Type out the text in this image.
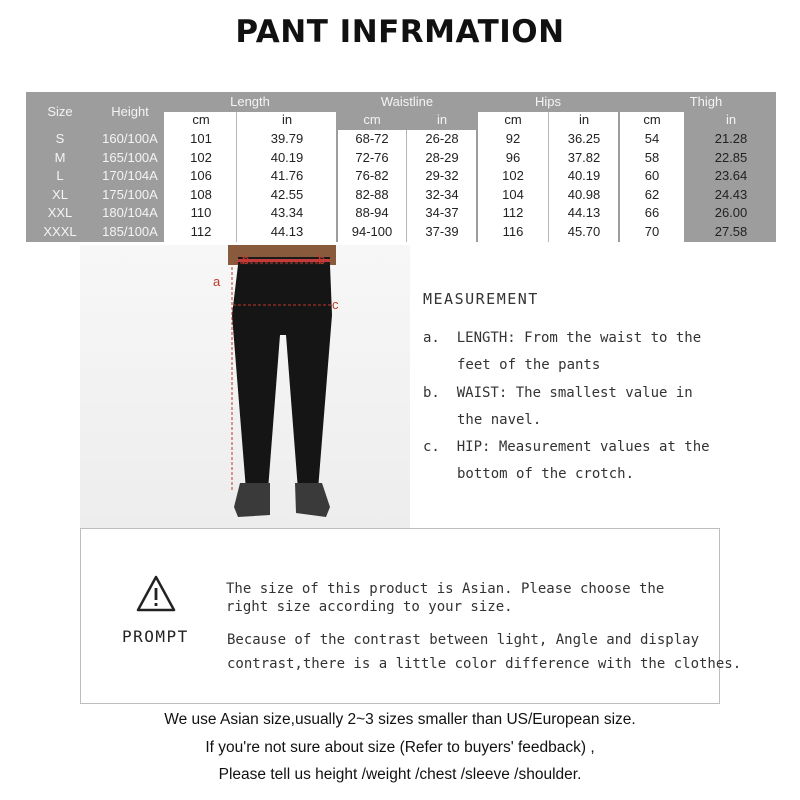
PANT INFRMATION
Size	Height
Length	Waistline	Hips	Thigh
cm	in	cm	in	cm	in	cm	in
S	160/100A	101	39.79	68-72	26-28	92	36.25	54	21.28
M	165/100A	102	40.19	72-76	28-29	96	37.82	58	22.85
L	170/104A	106	41.76	76-82	29-32	102	40.19	60	23.64
XL	175/100A	108	42.55	82-88	32-34	104	40.98	62	24.43
XXL	180/104A	110	43.34	88-94	34-37	112	44.13	66	26.00
XXXL	185/100A	112	44.13	94-100	37-39	116	45.70	70	27.58
a
b	b
c	MEASUREMENT
a. LENGTH: From the waist to the
feet of the pants
b. WAIST: The smallest value in
the navel.
c. HIP: Measurement values at the
bottom of the crotch.
PROMPT
The size of this product is Asian. Please choose the
right size according to your size.
Because of the contrast between light, Angle and display
contrast,there is a little color difference with the clothes.
We use Asian size,usually 2~3 sizes smaller than US/European size.
If you're not sure about size (Refer to buyers' feedback) ,
Please tell us height /weight /chest /sleeve /shoulder.
